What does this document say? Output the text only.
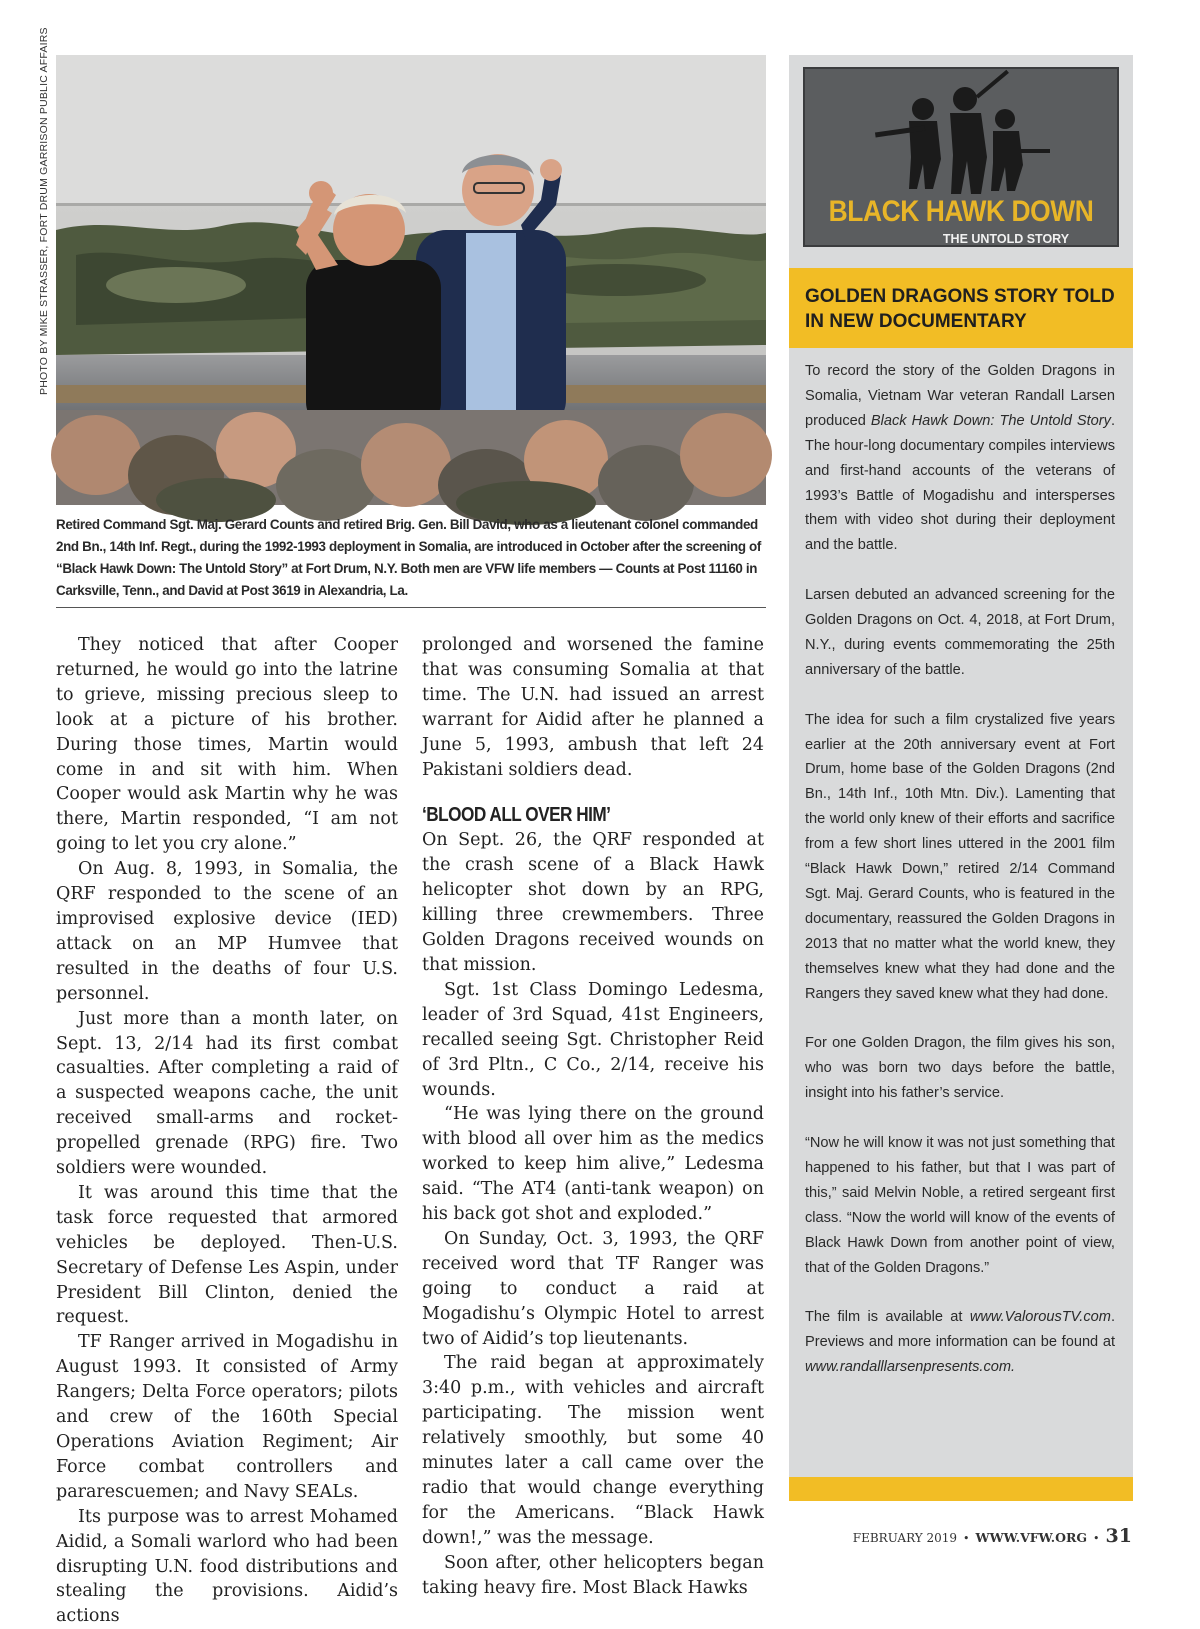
PHOTO BY MIKE STRASSER, FORT DRUM GARRISON PUBLIC AFFAIRS
Retired Command Sgt. Maj. Gerard Counts and retired Brig. Gen. Bill David, who as a lieutenant colonel commanded 2nd Bn., 14th Inf. Regt., during the 1992-1993 deployment in Somalia, are introduced in October after the screening of “Black Hawk Down: The Untold Story” at Fort Drum, N.Y. Both men are VFW life members — Counts at Post 11160 in Carksville, Tenn., and David at Post 3619 in Alexandria, La.

They noticed that after Cooper returned, he would go into the latrine to grieve, missing precious sleep to look at a picture of his brother. During those times, Martin would come in and sit with him. When Cooper would ask Martin why he was there, Martin responded, “I am not going to let you cry alone.”

On Aug. 8, 1993, in Somalia, the QRF responded to the scene of an improvised explosive device (IED) attack on an MP Humvee that resulted in the deaths of four U.S. personnel.

Just more than a month later, on Sept. 13, 2/14 had its first combat casualties. After completing a raid of a suspected weapons cache, the unit received small-arms and rocket-propelled grenade (RPG) fire. Two soldiers were wounded.

It was around this time that the task force requested that armored vehicles be deployed. Then-U.S. Secretary of Defense Les Aspin, under President Bill Clinton, denied the request.

TF Ranger arrived in Mogadishu in August 1993. It consisted of Army Rangers; Delta Force operators; pilots and crew of the 160th Special Operations Aviation Regiment; Air Force combat controllers and pararescuemen; and Navy SEALs.

Its purpose was to arrest Mohamed Aidid, a Somali warlord who had been disrupting U.N. food distributions and stealing the provisions. Aidid’s actions

prolonged and worsened the famine that was consuming Somalia at that time. The U.N. had issued an arrest warrant for Aidid after he planned a June 5, 1993, ambush that left 24 Pakistani soldiers dead.

‘BLOOD ALL OVER HIM’

On Sept. 26, the QRF responded at the crash scene of a Black Hawk helicopter shot down by an RPG, killing three crewmembers. Three Golden Dragons received wounds on that mission.

Sgt. 1st Class Domingo Ledesma, leader of 3rd Squad, 41st Engineers, recalled seeing Sgt. Christopher Reid of 3rd Pltn., C Co., 2/14, receive his wounds.

“He was lying there on the ground with blood all over him as the medics worked to keep him alive,” Ledesma said. “The AT4 (anti-tank weapon) on his back got shot and exploded.”

On Sunday, Oct. 3, 1993, the QRF received word that TF Ranger was going to conduct a raid at Mogadishu’s Olympic Hotel to arrest two of Aidid’s top lieutenants.

The raid began at approximately 3:40 p.m., with vehicles and aircraft participating. The mission went relatively smoothly, but some 40 minutes later a call came over the radio that would change everything for the Americans. “Black Hawk down!,” was the message.

Soon after, other helicopters began taking heavy fire. Most Black Hawks

BLACK HAWK DOWN
THE UNTOLD STORY
GOLDEN DRAGONS STORY TOLD IN NEW DOCUMENTARY

To record the story of the Golden Dragons in Somalia, Vietnam War veteran Randall Larsen produced Black Hawk Down: The Untold Story. The hour-long documentary compiles interviews and first-hand accounts of the veterans of 1993’s Battle of Mogadishu and intersperses them with video shot during their deployment and the battle.

Larsen debuted an advanced screening for the Golden Dragons on Oct. 4, 2018, at Fort Drum, N.Y., during events commemorating the 25th anniversary of the battle.

The idea for such a film crystalized five years earlier at the 20th anniversary event at Fort Drum, home base of the Golden Dragons (2nd Bn., 14th Inf., 10th Mtn. Div.). Lamenting that the world only knew of their efforts and sacrifice from a few short lines uttered in the 2001 film “Black Hawk Down,” retired 2/14 Command Sgt. Maj. Gerard Counts, who is featured in the documentary, reassured the Golden Dragons in 2013 that no matter what the world knew, they themselves knew what they had done and the Rangers they saved knew what they had done.

For one Golden Dragon, the film gives his son, who was born two days before the battle, insight into his father’s service.

“Now he will know it was not just something that happened to his father, but that I was part of this,” said Melvin Noble, a retired sergeant first class. “Now the world will know of the events of Black Hawk Down from another point of view, that of the Golden Dragons.”

The film is available at www.ValorousTV.com. Previews and more information can be found at www.randalllarsenpresents.com.

FEBRUARY 2019 • WWW.VFW.ORG • 31
